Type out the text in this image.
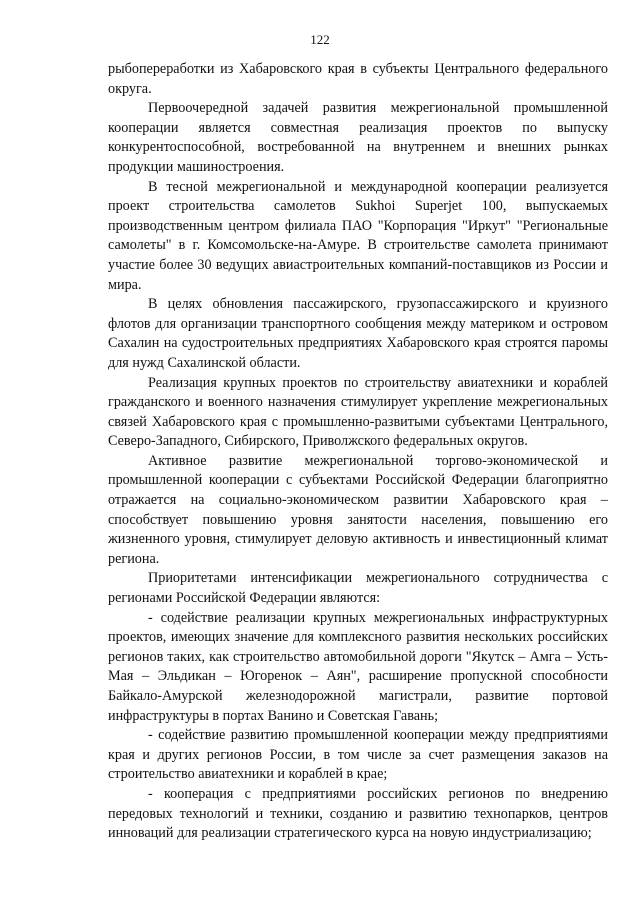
122

рыбопереработки из Хабаровского края в субъекты Центрального федерального округа.

Первоочередной задачей развития межрегиональной промышленной кооперации является совместная реализация проектов по выпуску конкурентоспособной, востребованной на внутреннем и внешних рынках продукции машиностроения.

В тесной межрегиональной и международной кооперации реализуется проект строительства самолетов Sukhoi Superjet 100, выпускаемых производственным центром филиала ПАО "Корпорация "Иркут" "Региональные самолеты" в г. Комсомольске-на-Амуре. В строительстве самолета принимают участие более 30 ведущих авиастроительных компаний-поставщиков из России и мира.

В целях обновления пассажирского, грузопассажирского и круизного флотов для организации транспортного сообщения между материком и островом Сахалин на судостроительных предприятиях Хабаровского края строятся паромы для нужд Сахалинской области.

Реализация крупных проектов по строительству авиатехники и кораблей гражданского и военного назначения стимулирует укрепление межрегиональных связей Хабаровского края с промышленно-развитыми субъектами Центрального, Северо-Западного, Сибирского, Приволжского федеральных округов.

Активное развитие межрегиональной торгово-экономической и промышленной кооперации с субъектами Российской Федерации благоприятно отражается на социально-экономическом развитии Хабаровского края – способствует повышению уровня занятости населения, повышению его жизненного уровня, стимулирует деловую активность и инвестиционный климат региона.

Приоритетами интенсификации межрегионального сотрудничества с регионами Российской Федерации являются:

- содействие реализации крупных межрегиональных инфраструктурных проектов, имеющих значение для комплексного развития нескольких российских регионов таких, как строительство автомобильной дороги "Якутск – Амга – Усть-Мая – Эльдикан – Югоренок – Аян", расширение пропускной способности Байкало-Амурской железнодорожной магистрали, развитие портовой инфраструктуры в портах Ванино и Советская Гавань;

- содействие развитию промышленной кооперации между предприятиями края и других регионов России, в том числе за счет размещения заказов на строительство авиатехники и кораблей в крае;

- кооперация с предприятиями российских регионов по внедрению передовых технологий и техники, созданию и развитию технопарков, центров инноваций для реализации стратегического курса на новую индустриализацию;
